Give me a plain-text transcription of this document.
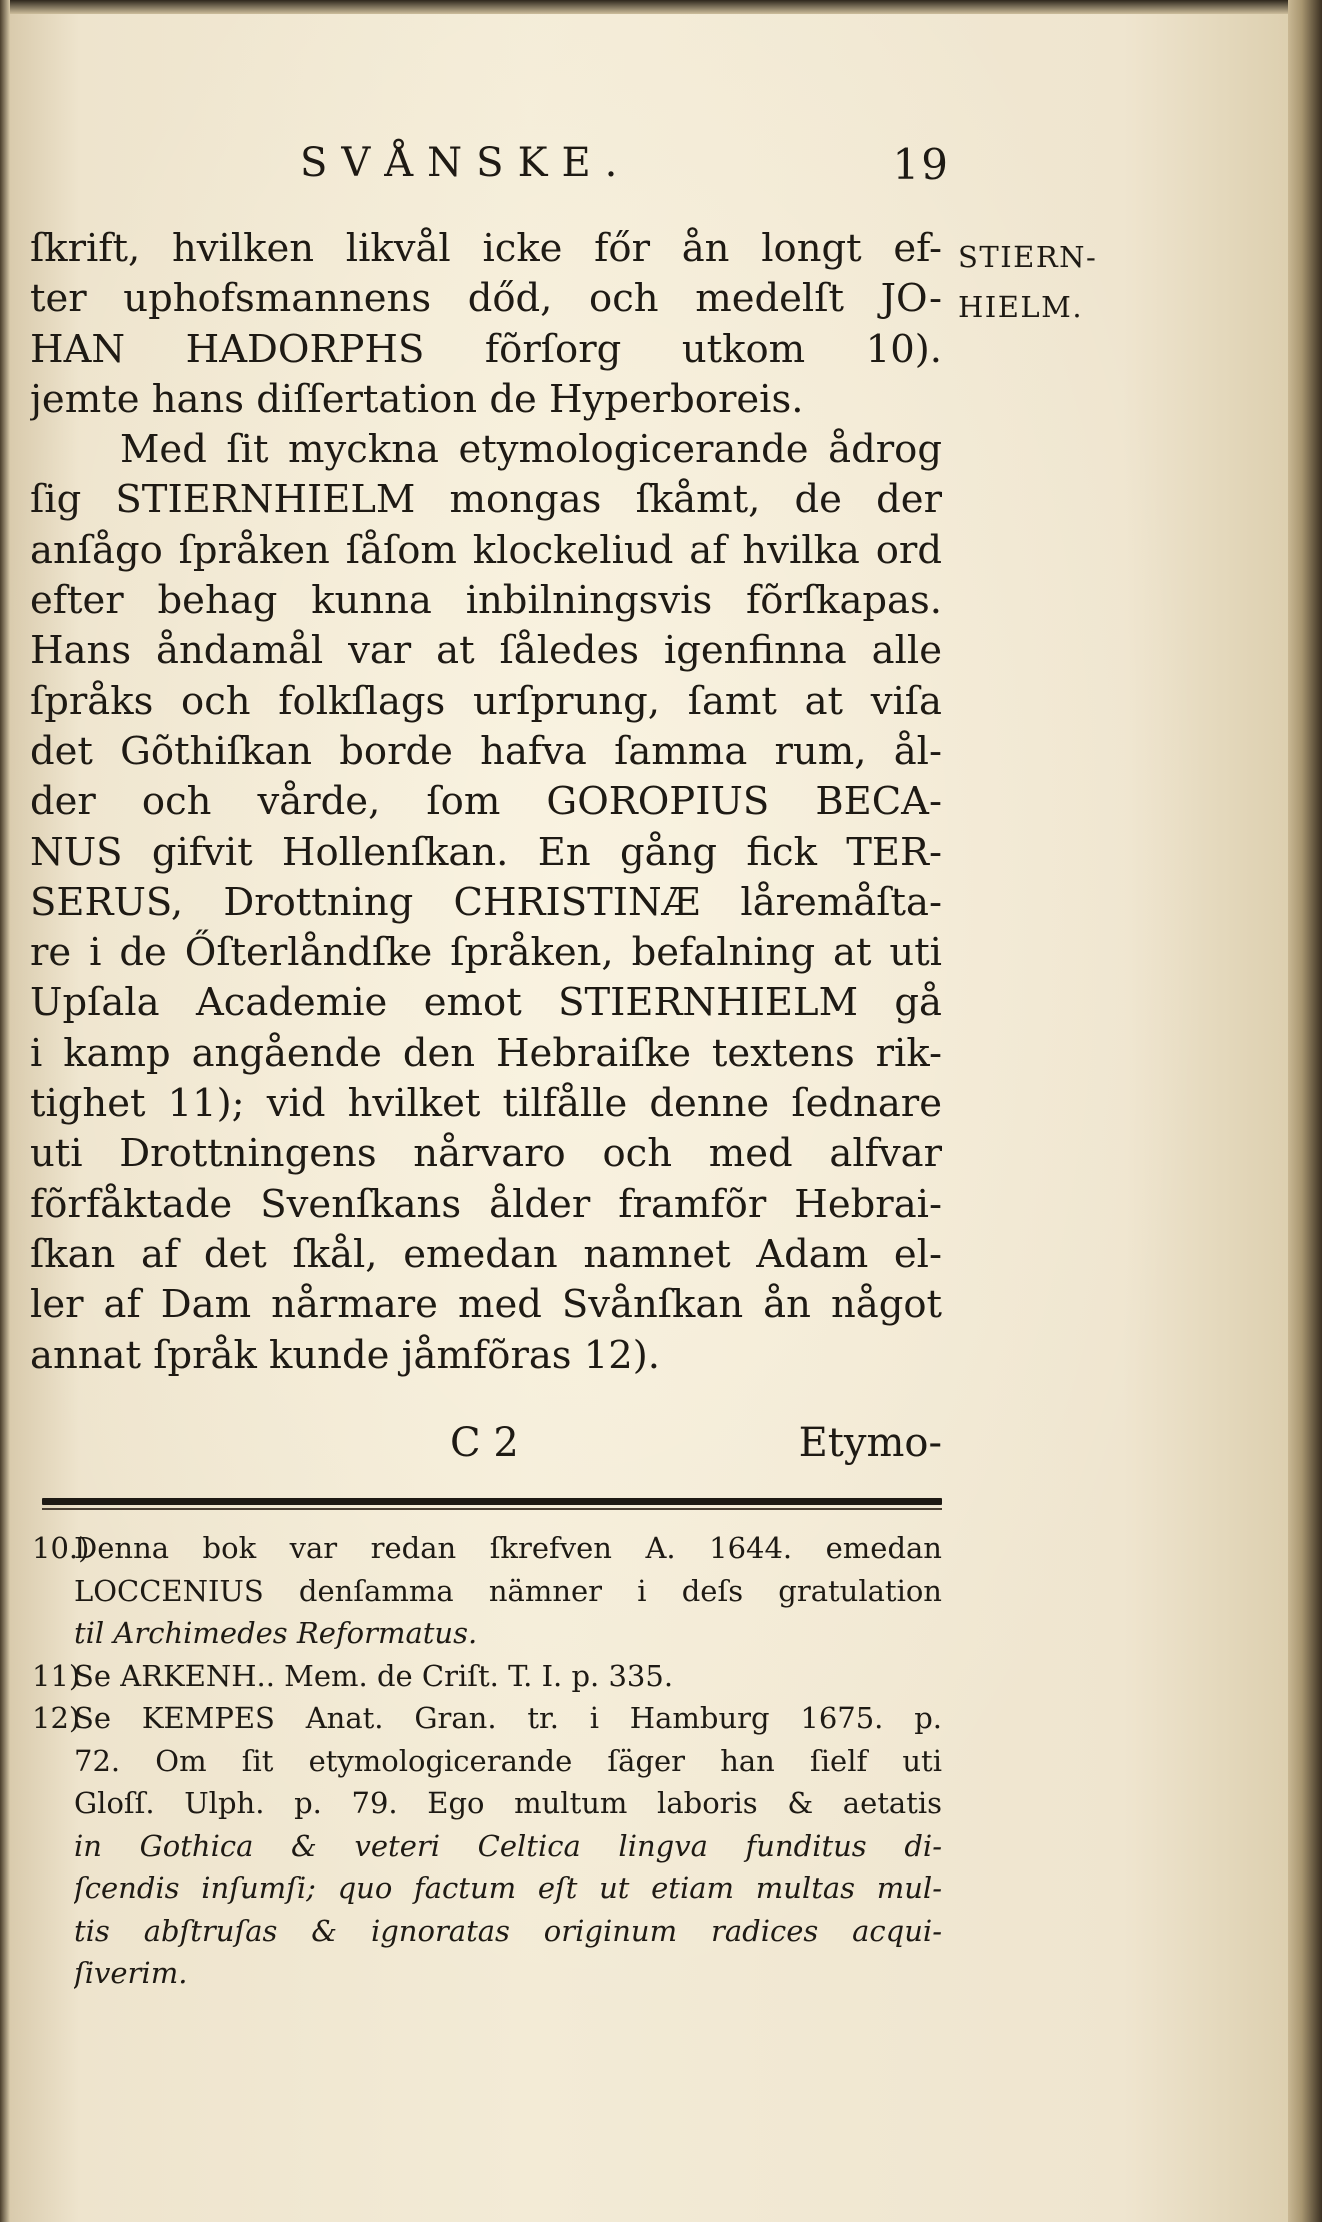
SVÅNSKE.	19
STIERN-
HIELM.
ſkrift, hvilken likvål icke főr ån longt ef-
ter uphofsmannens dőd, och medelſt JO-
HAN HADORPHS fõrſorg utkom 10).
jemte hans diſſertation de Hyperboreis.
Med ſit myckna etymologicerande ådrog
ſig STIERNHIELM mongas ſkåmt, de der
anſågo ſpråken ſåſom klockeliud af hvilka ord
efter behag kunna inbilningsvis fõrſkapas.
Hans åndamål var at ſåledes igenfinna alle
ſpråks och folkſlags urſprung, ſamt at viſa
det Gõthiſkan borde hafva ſamma rum, ål-
der och vårde, ſom GOROPIUS BECA-
NUS gifvit Hollenſkan. En gång fick TER-
SERUS, Drottning CHRISTINÆ låremåſta-
re i de Őſterlåndſke ſpråken, befalning at uti
Upſala Academie emot STIERNHIELM gå
i kamp angående den Hebraiſke textens rik-
tighet 11); vid hvilket tilfålle denne ſednare
uti Drottningens nårvaro och med alfvar
fõrfåktade Svenſkans ålder framfõr Hebrai-
ſkan af det ſkål, emedan namnet Adam el-
ler af Dam nårmare med Svånſkan ån något
annat ſpråk kunde jåmfõras 12).
C 2	Etymo-
10.)
Denna bok var redan ſkrefven A. 1644. emedan
LOCCENIUS denſamma nämner i deſs gratulation
til Archimedes Reformatus.
11)
Se ARKENH.. Mem. de Criſt. T. I. p. 335.
12)
Se KEMPES Anat. Gran. tr. i Hamburg 1675. p.
72. Om ſit etymologicerande ſäger han ſielf uti
Gloſſ. Ulph. p. 79. Ego multum laboris & aetatis
in Gothica & veteri Celtica lingva funditus di-
ſcendis inſumſi; quo factum eſt ut etiam multas mul-
tis abſtruſas & ignoratas originum radices acqui-
ſiverim.
